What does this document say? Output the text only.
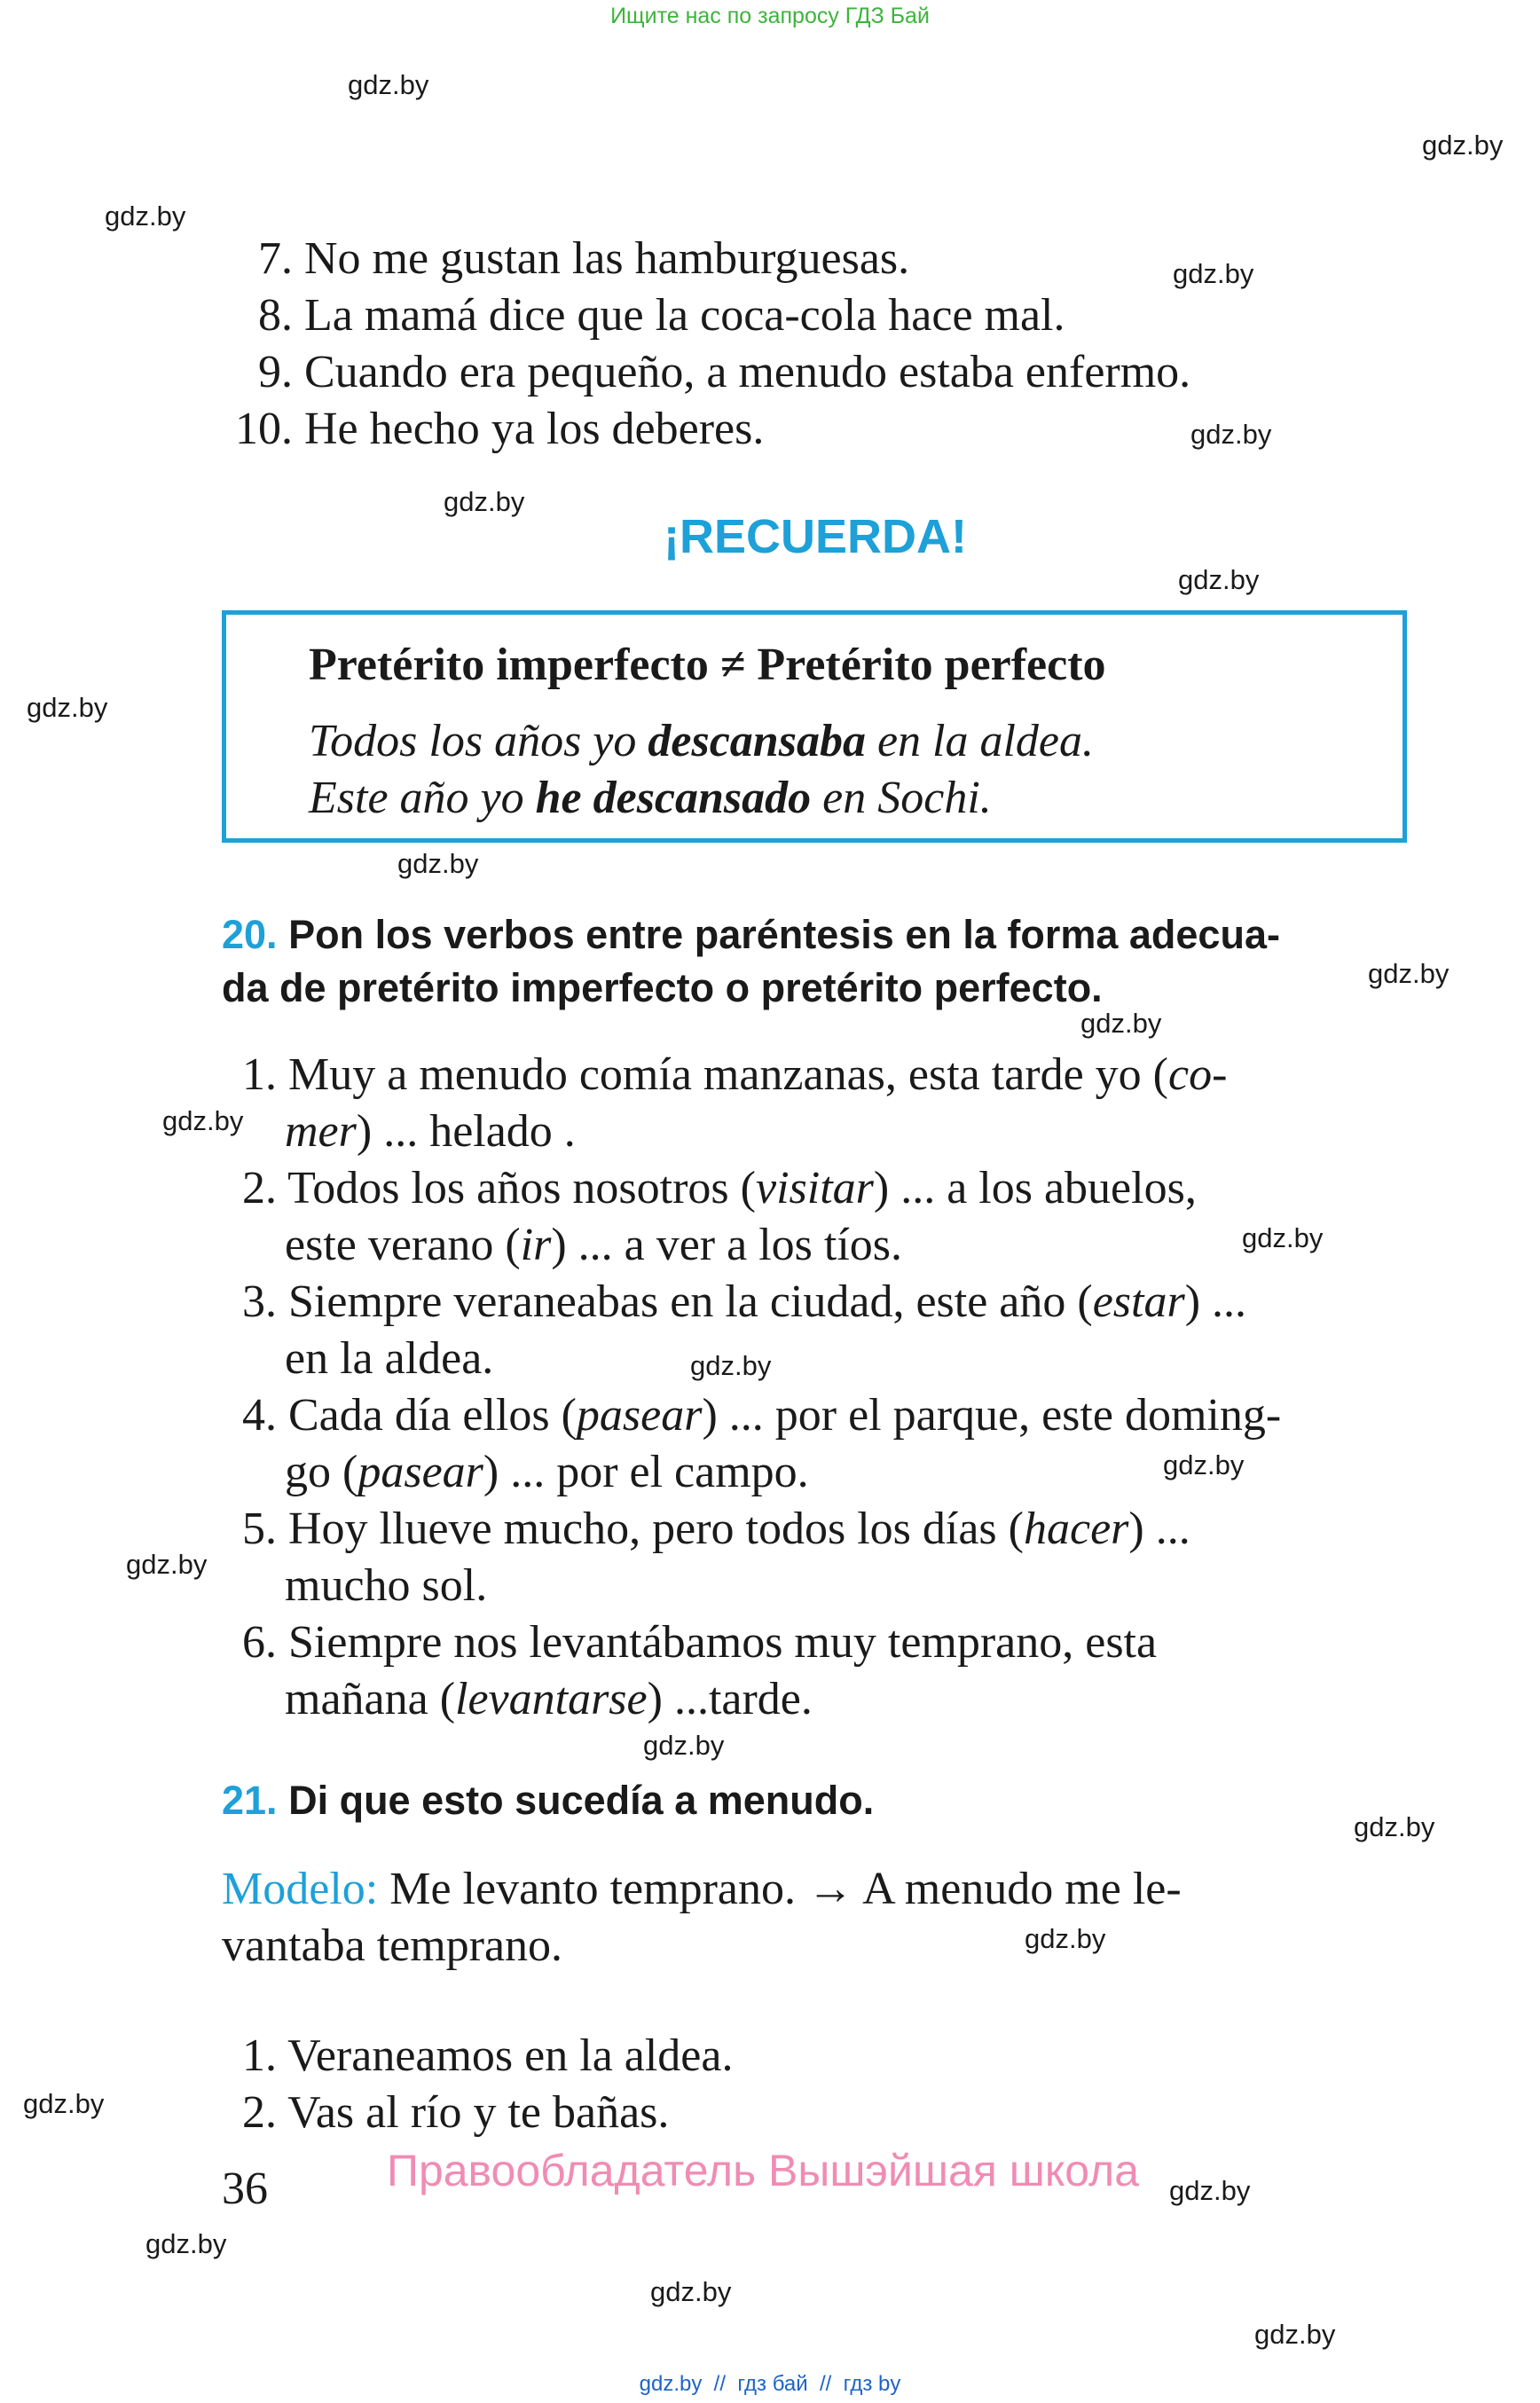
Ищите нас по запросу ГДЗ Бай
gdz.by
gdz.by
gdz.by
gdz.by
gdz.by
gdz.by
gdz.by
gdz.by
gdz.by
gdz.by
gdz.by
gdz.by
gdz.by
gdz.by
gdz.by
gdz.by
gdz.by
gdz.by
gdz.by
gdz.by
gdz.by
gdz.by
gdz.by
gdz.by
7. No me gustan las hamburguesas.
8. La mamá dice que la coca-cola hace mal.
9. Cuando era pequeño, a menudo estaba enfermo.
10. He hecho ya los deberes.
¡RECUERDA!
Pretérito imperfecto ≠ Pretérito perfecto
Todos los años yo descansaba en la aldea.
Este año yo he descansado en Sochi.
20. Pon los verbos entre paréntesis en la forma adecua-
da de pretérito imperfecto o pretérito perfecto.
1. Muy a menudo comía manzanas, esta tarde yo (co-
mer) ... helado .
2. Todos los años nosotros (visitar) ... a los abuelos,
este verano (ir) ... a ver a los tíos.
3. Siempre veraneabas en la ciudad, este año (estar) ...
en la aldea.
4. Cada día ellos (pasear) ... por el parque, este doming-
go (pasear) ... por el campo.
5. Hoy llueve mucho, pero todos los días (hacer) ...
mucho sol.
6. Siempre nos levantábamos muy temprano, esta
mañana (levantarse) ...tarde.
21. Di que esto sucedía a menudo.
Modelo: Me levanto temprano. → A menudo me le-
vantaba temprano.
1. Veraneamos en la aldea.
2. Vas al río y te bañas.
36	Правообладатель Вышэйшая школа
gdz.by  //  гдз бай  //  гдз by
